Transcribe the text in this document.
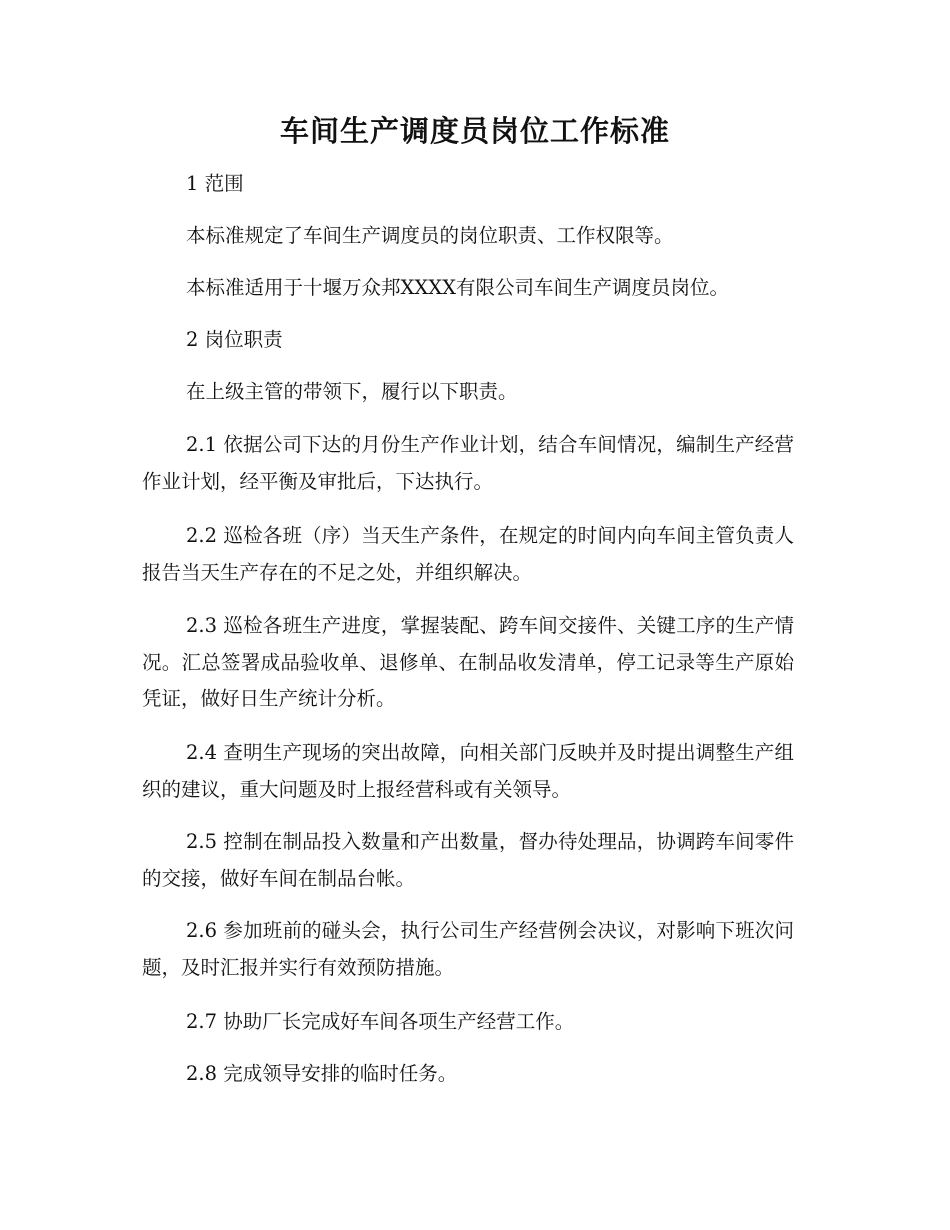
车间生产调度员岗位工作标准

1 范围

本标准规定了车间生产调度员的岗位职责、工作权限等。

本标准适用于十堰万众邦XXXX有限公司车间生产调度员岗位。

2 岗位职责

在上级主管的带领下，履行以下职责。

2.1 依据公司下达的月份生产作业计划，结合车间情况，编制生产经营作业计划，经平衡及审批后，下达执行。

2.2 巡检各班（序）当天生产条件，在规定的时间内向车间主管负责人报告当天生产存在的不足之处，并组织解决。

2.3 巡检各班生产进度，掌握装配、跨车间交接件、关键工序的生产情况。汇总签署成品验收单、退修单、在制品收发清单，停工记录等生产原始凭证，做好日生产统计分析。

2.4 查明生产现场的突出故障，向相关部门反映并及时提出调整生产组织的建议，重大问题及时上报经营科或有关领导。

2.5 控制在制品投入数量和产出数量，督办待处理品，协调跨车间零件的交接，做好车间在制品台帐。

2.6 参加班前的碰头会，执行公司生产经营例会决议，对影响下班次问题，及时汇报并实行有效预防措施。

2.7 协助厂长完成好车间各项生产经营工作。

2.8 完成领导安排的临时任务。
